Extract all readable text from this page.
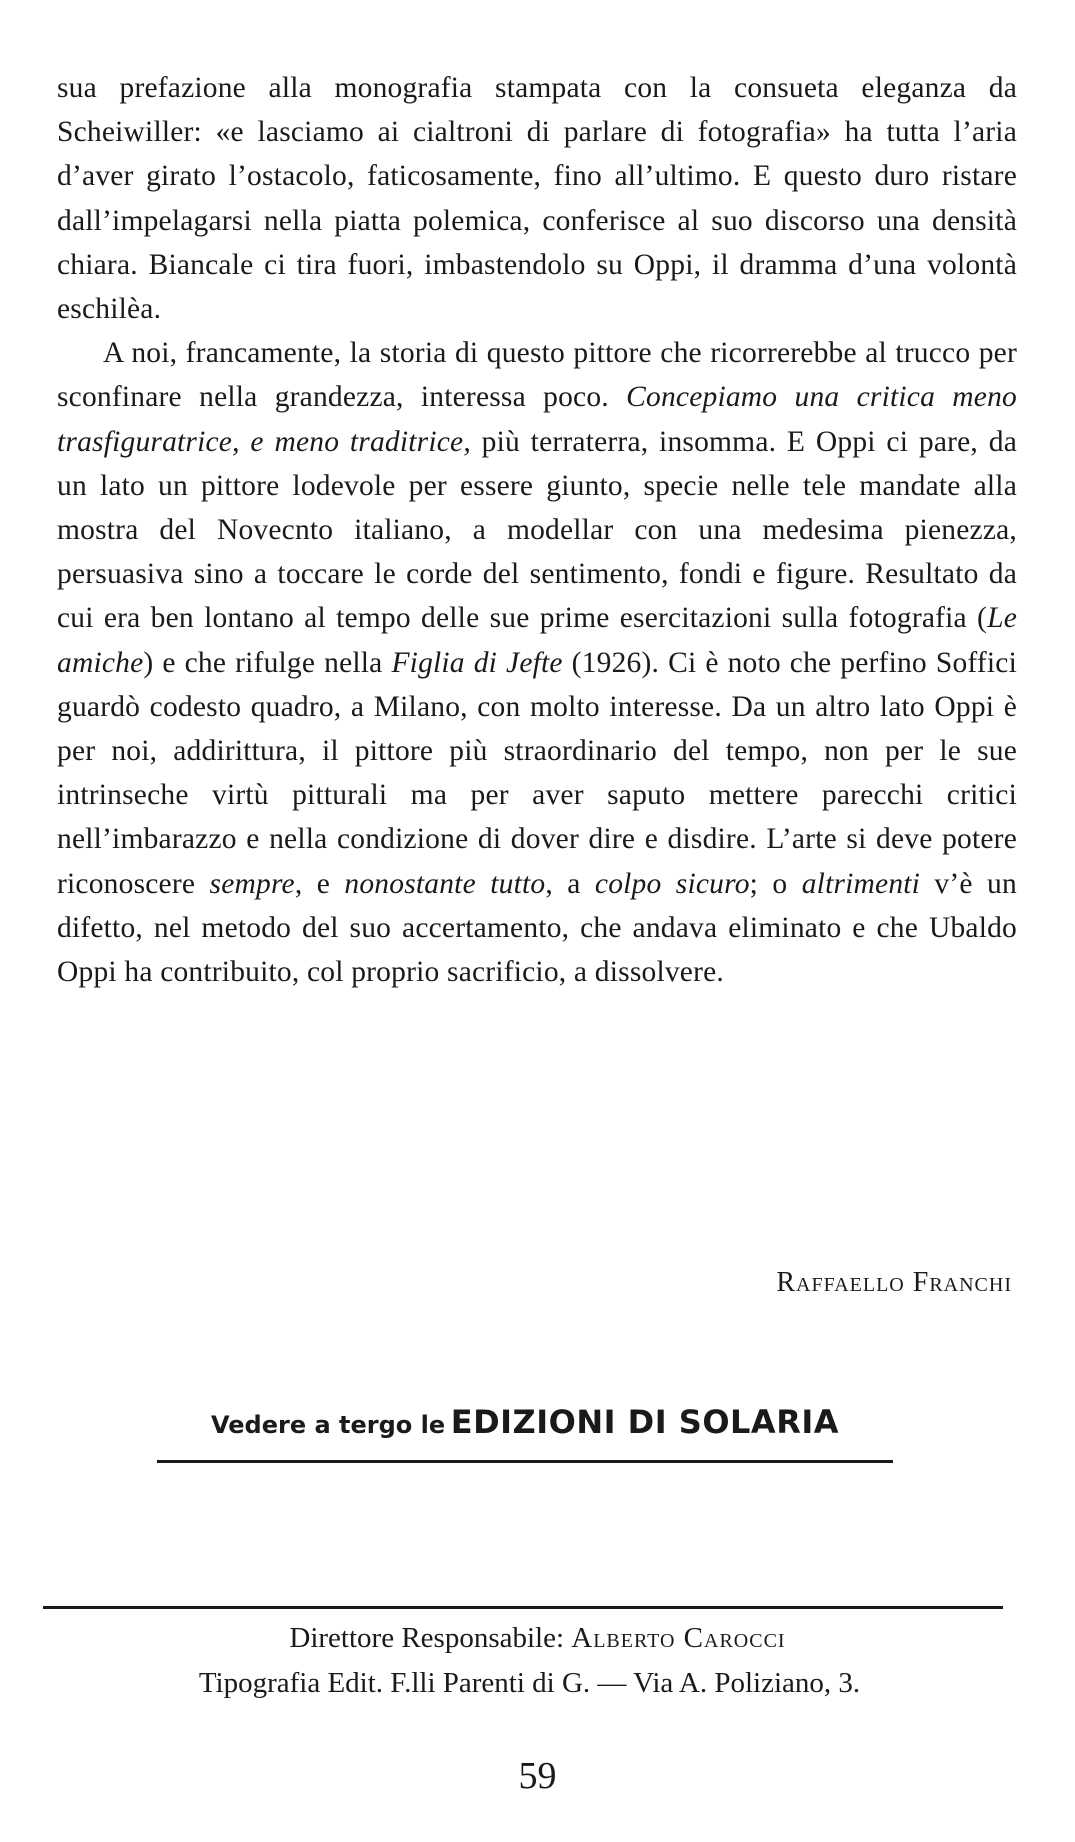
sua prefazione alla monografia stampata con la consueta eleganza da Scheiwiller: «e lasciamo ai cialtroni di parlare di fotografia» ha tutta l’aria d’aver girato l’ostacolo, faticosamente, fino all’ultimo. E questo duro ristare dall’impelagarsi nella piatta polemica, conferisce al suo discorso una densità chiara. Biancale ci tira fuori, imbastendolo su Oppi, il dramma d’una volontà eschilèa.

A noi, francamente, la storia di questo pittore che ricorrerebbe al trucco per sconfinare nella grandezza, interessa poco. Concepiamo una critica meno trasfiguratrice, e meno traditrice, più terraterra, insomma. E Oppi ci pare, da un lato un pittore lodevole per essere giunto, specie nelle tele mandate alla mostra del Novecnto italiano, a modellar con una medesima pienezza, persuasiva sino a toccare le corde del sentimento, fondi e figure. Resultato da cui era ben lontano al tempo delle sue prime esercitazioni sulla fotografia (Le amiche) e che rifulge nella Figlia di Jefte (1926). Ci è noto che perfino Soffici guardò codesto quadro, a Milano, con molto interesse. Da un altro lato Oppi è per noi, addirittura, il pittore più straordinario del tempo, non per le sue intrinseche virtù pitturali ma per aver saputo mettere parecchi critici nell’imbarazzo e nella condizione di dover dire e disdire. L’arte si deve potere riconoscere sempre, e nonostante tutto, a colpo sicuro; o altrimenti v’è un difetto, nel metodo del suo accertamento, che andava eliminato e che Ubaldo Oppi ha contribuito, col proprio sacrificio, a dissolvere.

Raffaello Franchi
Vedere a tergo le EDIZIONI DI SOLARIA
Direttore Responsabile: Alberto Carocci
Tipografia Edit. F.lli Parenti di G. — Via A. Poliziano, 3.
59
